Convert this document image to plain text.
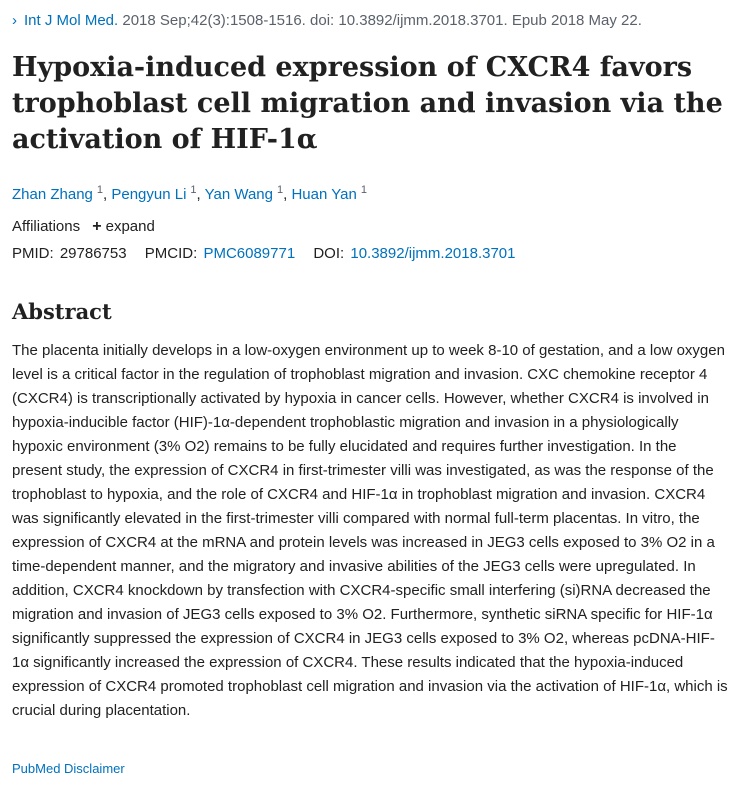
› Int J Mol Med. 2018 Sep;42(3):1508-1516. doi: 10.3892/ijmm.2018.3701. Epub 2018 May 22.
Hypoxia-induced expression of CXCR4 favors trophoblast cell migration and invasion via the activation of HIF-1α
Zhan Zhang $^1$, Pengyun Li $^1$, Yan Wang $^1$, Huan Yan $^1$
Affiliations + expand
PMID: 29786753 PMCID: PMC6089771 DOI: 10.3892/ijmm.2018.3701
Abstract

The placenta initially develops in a low-oxygen environment up to week 8-10 of gestation, and a low oxygen level is a critical factor in the regulation of trophoblast migration and invasion. CXC chemokine receptor 4 (CXCR4) is transcriptionally activated by hypoxia in cancer cells. However, whether CXCR4 is involved in hypoxia-inducible factor (HIF)-1α-dependent trophoblastic migration and invasion in a physiologically hypoxic environment (3% O2) remains to be fully elucidated and requires further investigation. In the present study, the expression of CXCR4 in first-trimester villi was investigated, as was the response of the trophoblast to hypoxia, and the role of CXCR4 and HIF-1α in trophoblast migration and invasion. CXCR4 was significantly elevated in the first-trimester villi compared with normal full-term placentas. In vitro, the expression of CXCR4 at the mRNA and protein levels was increased in JEG3 cells exposed to 3% O2 in a time-dependent manner, and the migratory and invasive abilities of the JEG3 cells were upregulated. In addition, CXCR4 knockdown by transfection with CXCR4-specific small interfering (si)RNA decreased the migration and invasion of JEG3 cells exposed to 3% O2. Furthermore, synthetic siRNA specific for HIF-1α significantly suppressed the expression of CXCR4 in JEG3 cells exposed to 3% O2, whereas pcDNA-HIF-1α significantly increased the expression of CXCR4. These results indicated that the hypoxia-induced expression of CXCR4 promoted trophoblast cell migration and invasion via the activation of HIF-1α, which is crucial during placentation.

PubMed Disclaimer
